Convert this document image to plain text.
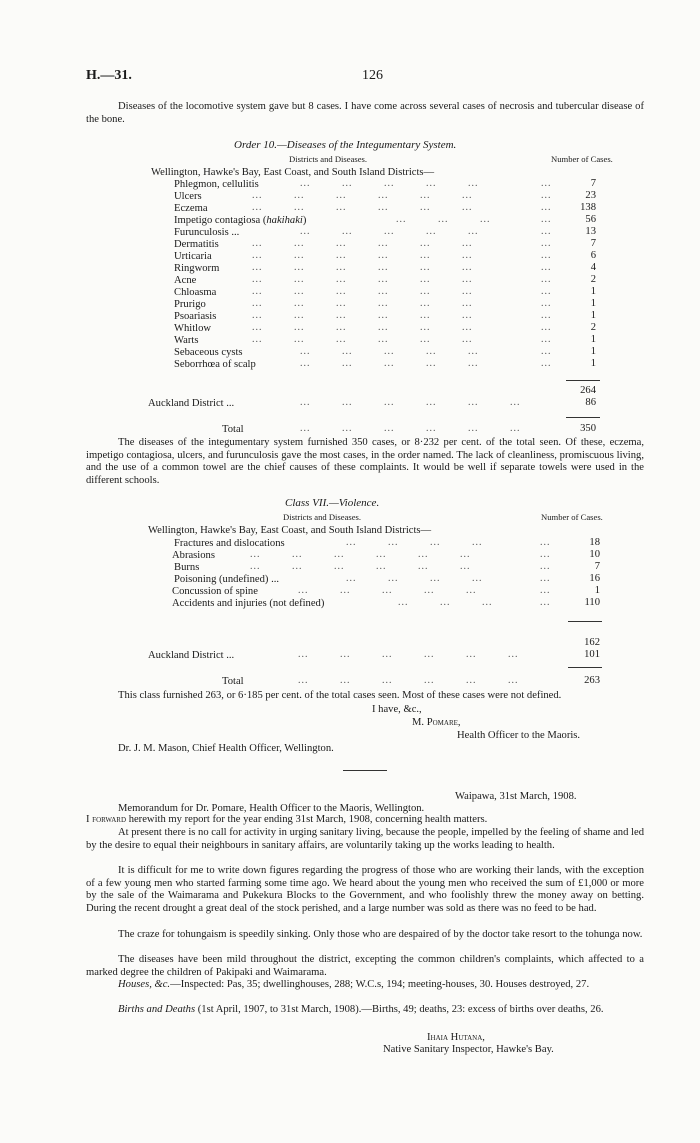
H.—31.	126
Diseases of the locomotive system gave but 8 cases. I have come across several cases of necrosis and tubercular disease of the bone.
Order 10.—Diseases of the Integumentary System.
Districts and Diseases.	Number of Cases.
Wellington, Hawke's Bay, East Coast, and South Island Districts—
Phlegmon, cellulitis	...         ...         ...         ...         ...	...	7
Ulcers	...         ...         ...         ...         ...         ...	...	23
Eczema	...         ...         ...         ...         ...         ...	...	138
Impetigo contagiosa (hakihaki)	...         ...         ...	...	56
Furunculosis ...	...         ...         ...         ...         ...	...	13
Dermatitis	...         ...         ...         ...         ...         ...	...	7
Urticaria	...         ...         ...         ...         ...         ...	...	6
Ringworm	...         ...         ...         ...         ...         ...	...	4
Acne	...         ...         ...         ...         ...         ...	...	2
Chloasma	...         ...         ...         ...         ...         ...	...	1
Prurigo	...         ...         ...         ...         ...         ...	...	1
Psoariasis	...         ...         ...         ...         ...         ...	...	1
Whitlow	...         ...         ...         ...         ...         ...	...	2
Warts	...         ...         ...         ...         ...         ...	...	1
Sebaceous cysts	...         ...         ...         ...         ...	...	1
Seborrhœa of scalp	...         ...         ...         ...         ...	...	1
264
Auckland District ...	...         ...         ...         ...         ...         ...	86
Total	...         ...         ...         ...         ...         ...	350
The diseases of the integumentary system furnished 350 cases, or 8·232 per cent. of the total seen. Of these, eczema, impetigo contagiosa, ulcers, and furunculosis gave the most cases, in the order named. The lack of cleanliness, promiscuous living, and the use of a common towel are the chief causes of these complaints. It would be well if separate towels were used in the different schools.
Class VII.—Violence.
Districts and Diseases.	Number of Cases.
Wellington, Hawke's Bay, East Coast, and South Island Districts—
Fractures and dislocations	...         ...         ...         ...	...	18
Abrasions	...         ...         ...         ...         ...         ...	...	10
Burns	...         ...         ...         ...         ...         ...	...	7
Poisoning (undefined) ...	...         ...         ...         ...	...	16
Concussion of spine	...         ...         ...         ...         ...	...	1
Accidents and injuries (not defined)	...         ...         ...	...	110
162
Auckland District ...	...         ...         ...         ...         ...         ...	101
Total	...         ...         ...         ...         ...         ...	263
This class furnished 263, or 6·185 per cent. of the total cases seen. Most of these cases were not defined.
I have, &c.,
M. Pomare,
Health Officer to the Maoris.
Dr. J. M. Mason, Chief Health Officer, Wellington.
Waipawa, 31st March, 1908.
Memorandum for Dr. Pomare, Health Officer to the Maoris, Wellington.
I forward herewith my report for the year ending 31st March, 1908, concerning health matters.
At present there is no call for activity in urging sanitary living, because the people, impelled by the feeling of shame and led by the desire to equal their neighbours in sanitary affairs, are voluntarily taking up the works leading to health.
It is difficult for me to write down figures regarding the progress of those who are working their lands, with the exception of a few young men who started farming some time ago. We heard about the young men who received the sum of £1,000 or more by the sale of the Waimarama and Pukekura Blocks to the Government, and who foolishly threw the money away on betting. During the recent drought a great deal of the stock perished, and a large number was sold as there was no feed to be had.
The craze for tohungaism is speedily sinking. Only those who are despaired of by the doctor take resort to the tohunga now.
The diseases have been mild throughout the district, excepting the common children's complaints, which affected to a marked degree the children of Pakipaki and Waimarama.
Houses, &c.—Inspected: Pas, 35; dwellinghouses, 288; W.C.s, 194; meeting-houses, 30. Houses destroyed, 27.
Births and Deaths (1st April, 1907, to 31st March, 1908).—Births, 49; deaths, 23: excess of births over deaths, 26.
Ihaia Hutana,
Native Sanitary Inspector, Hawke's Bay.
